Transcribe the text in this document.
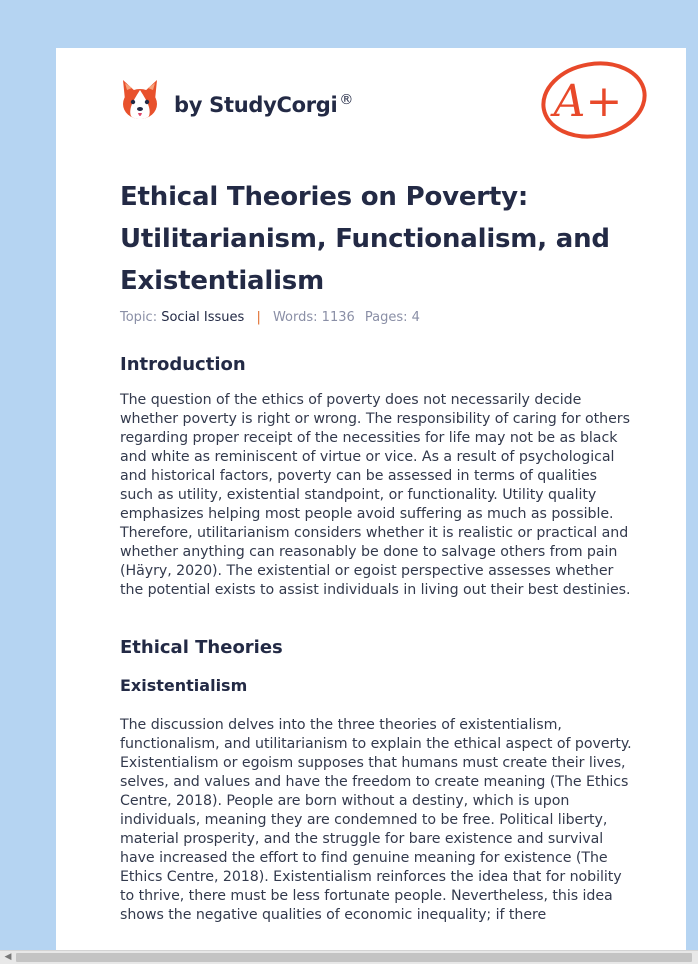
by StudyCorgi ®	A+
Ethical Theories on Poverty: Utilitarianism, Functionalism, and Existentialism
Topic: Social Issues | Words: 1136 Pages: 4
Introduction

The question of the ethics of poverty does not necessarily decide whether poverty is right or wrong. The responsibility of caring for others regarding proper receipt of the necessities for life may not be as black and white as reminiscent of virtue or vice. As a result of psychological and historical factors, poverty can be assessed in terms of qualities such as utility, existential standpoint, or functionality. Utility quality emphasizes helping most people avoid suffering as much as possible. Therefore, utilitarianism considers whether it is realistic or practical and whether anything can reasonably be done to salvage others from pain (Häyry, 2020). The existential or egoist perspective assesses whether the potential exists to assist individuals in living out their best destinies.

Ethical Theories
Existentialism

The discussion delves into the three theories of existentialism, functionalism, and utilitarianism to explain the ethical aspect of poverty. Existentialism or egoism supposes that humans must create their lives, selves, and values and have the freedom to create meaning (The Ethics Centre, 2018). People are born without a destiny, which is upon individuals, meaning they are condemned to be free. Political liberty, material prosperity, and the struggle for bare existence and survival have increased the effort to find genuine meaning for existence (The Ethics Centre, 2018). Existentialism reinforces the idea that for nobility to thrive, there must be less fortunate people. Nevertheless, this idea shows the negative qualities of economic inequality; if there

◀
